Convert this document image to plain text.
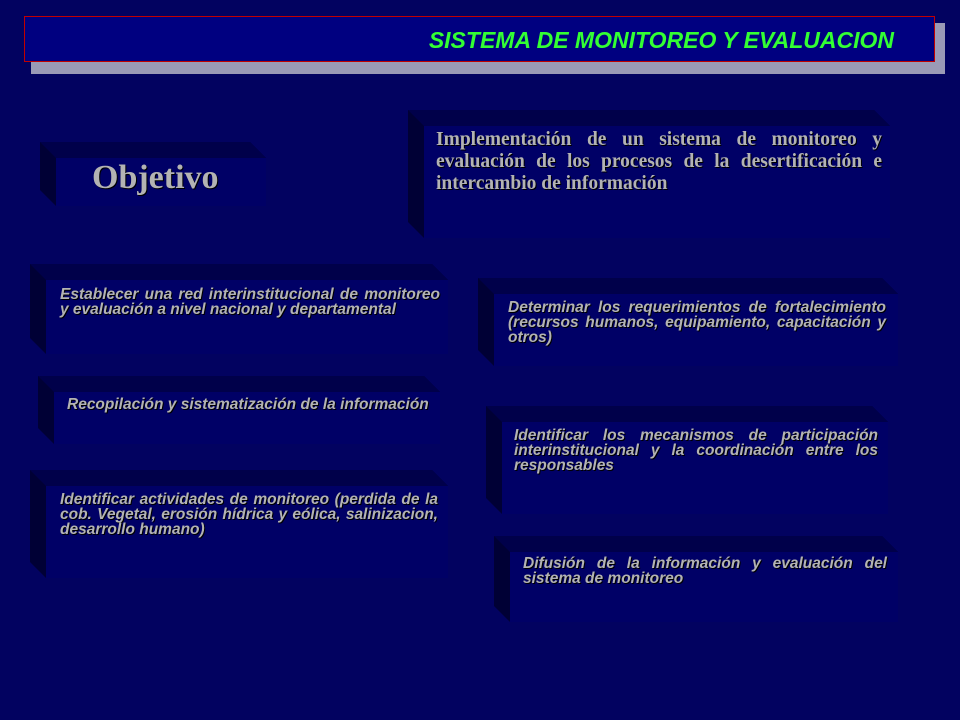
SISTEMA DE MONITOREO Y EVALUACION
Objetivo
Implementación de un sistema de monitoreo y evaluación de los procesos de la desertificación e intercambio de información
Establecer una red interinstitucional de monitoreo y evaluación a nivel nacional y departamental
Recopilación y sistematización de la información
Identificar actividades de monitoreo (perdida de la cob. Vegetal, erosión hídrica y eólica, salinizacion, desarrollo humano)
Determinar los requerimientos de fortalecimiento (recursos humanos, equipamiento, capacitación y otros)
Identificar los mecanismos de participación interinstitucional y la coordinación entre los responsables
Difusión de la información y evaluación del sistema de monitoreo
